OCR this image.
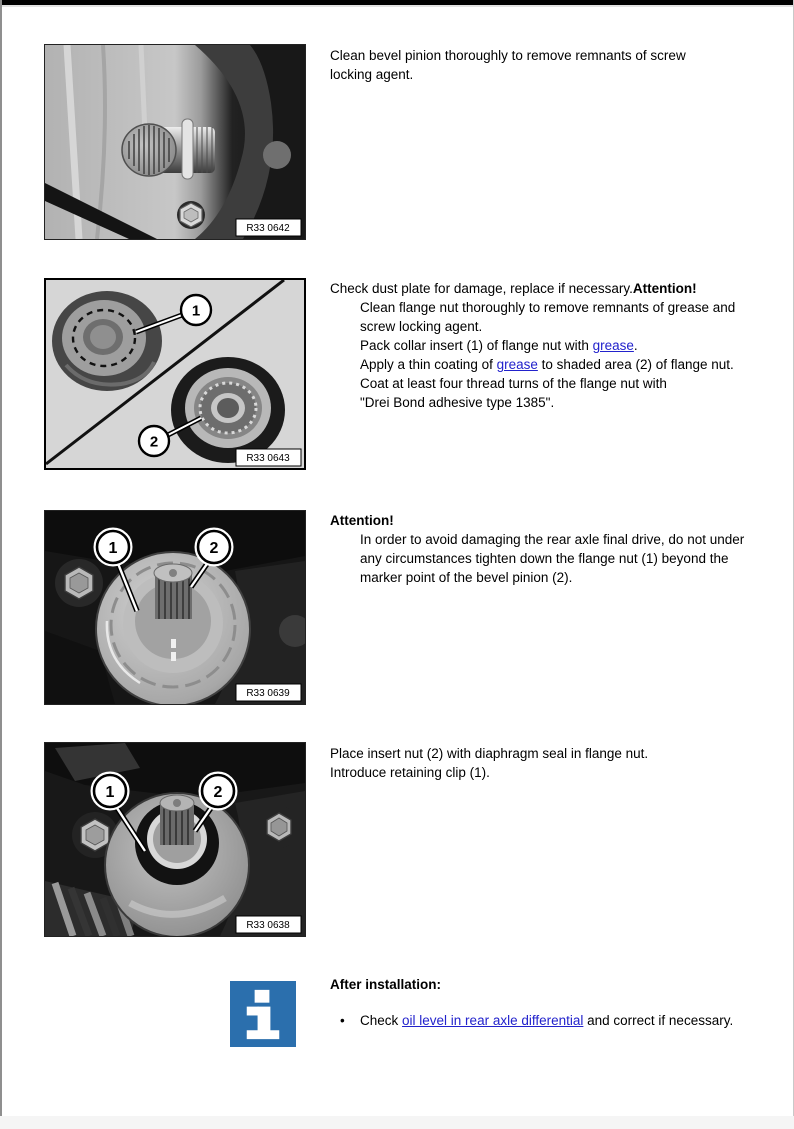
R33 0642
1
2
R33 0643
1	2
R33 0639
1	2
R33 0638

Clean bevel pinion thoroughly to remove remnants of screw locking agent.

Check dust plate for damage, replace if necessary.Attention!

Clean flange nut thoroughly to remove remnants of grease and screw locking agent.

Pack collar insert (1) of flange nut with grease.

Apply a thin coating of grease to shaded area (2) of flange nut.

Coat at least four thread turns of the flange nut with
"Drei Bond adhesive type 1385".

Attention!

In order to avoid damaging the rear axle final drive, do not under any circumstances tighten down the flange nut (1) beyond the marker point of the bevel pinion (2).

Place insert nut (2) with diaphragm seal in flange nut.

Introduce retaining clip (1).

After installation:

•	Check oil level in rear axle differential and correct if necessary.
